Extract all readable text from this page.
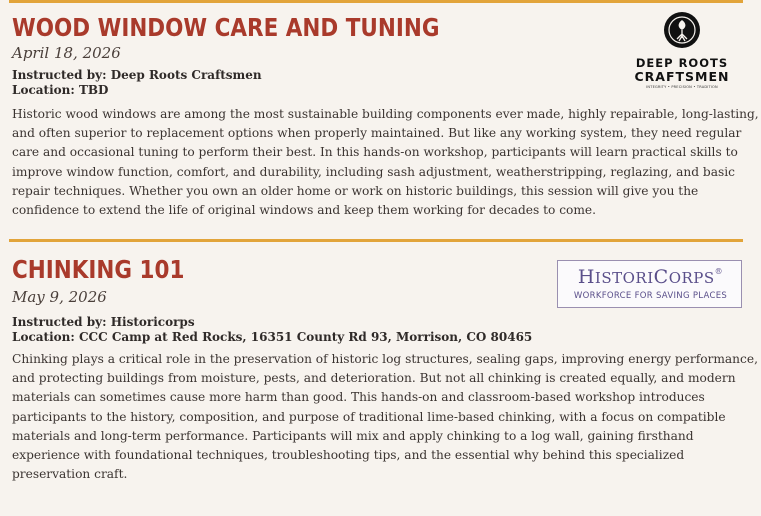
WOOD WINDOW CARE AND TUNING
April 18, 2026
Instructed by: Deep Roots Craftsmen
Location: TBD
Historic wood windows are among the most sustainable building components ever made, highly repairable, long-lasting,
and often superior to replacement options when properly maintained. But like any working system, they need regular
care and occasional tuning to perform their best. In this hands-on workshop, participants will learn practical skills to
improve window function, comfort, and durability, including sash adjustment, weatherstripping, reglazing, and basic
repair techniques. Whether you own an older home or work on historic buildings, this session will give you the
confidence to extend the life of original windows and keep them working for decades to come.
DEEP ROOTS
CRAFTSMEN
INTEGRITY • PRECISION • TRADITION
CHINKING 101
May 9, 2026
Instructed by: Historicorps
Location: CCC Camp at Red Rocks, 16351 County Rd 93, Morrison, CO 80465
Chinking plays a critical role in the preservation of historic log structures, sealing gaps, improving energy performance,
and protecting buildings from moisture, pests, and deterioration. But not all chinking is created equally, and modern
materials can sometimes cause more harm than good. This hands-on and classroom-based workshop introduces
participants to the history, composition, and purpose of traditional lime-based chinking, with a focus on compatible
materials and long-term performance. Participants will mix and apply chinking to a log wall, gaining firsthand
experience with foundational techniques, troubleshooting tips, and the essential why behind this specialized
preservation craft.
HISTORICORPS®
WORKFORCE FOR SAVING PLACES
